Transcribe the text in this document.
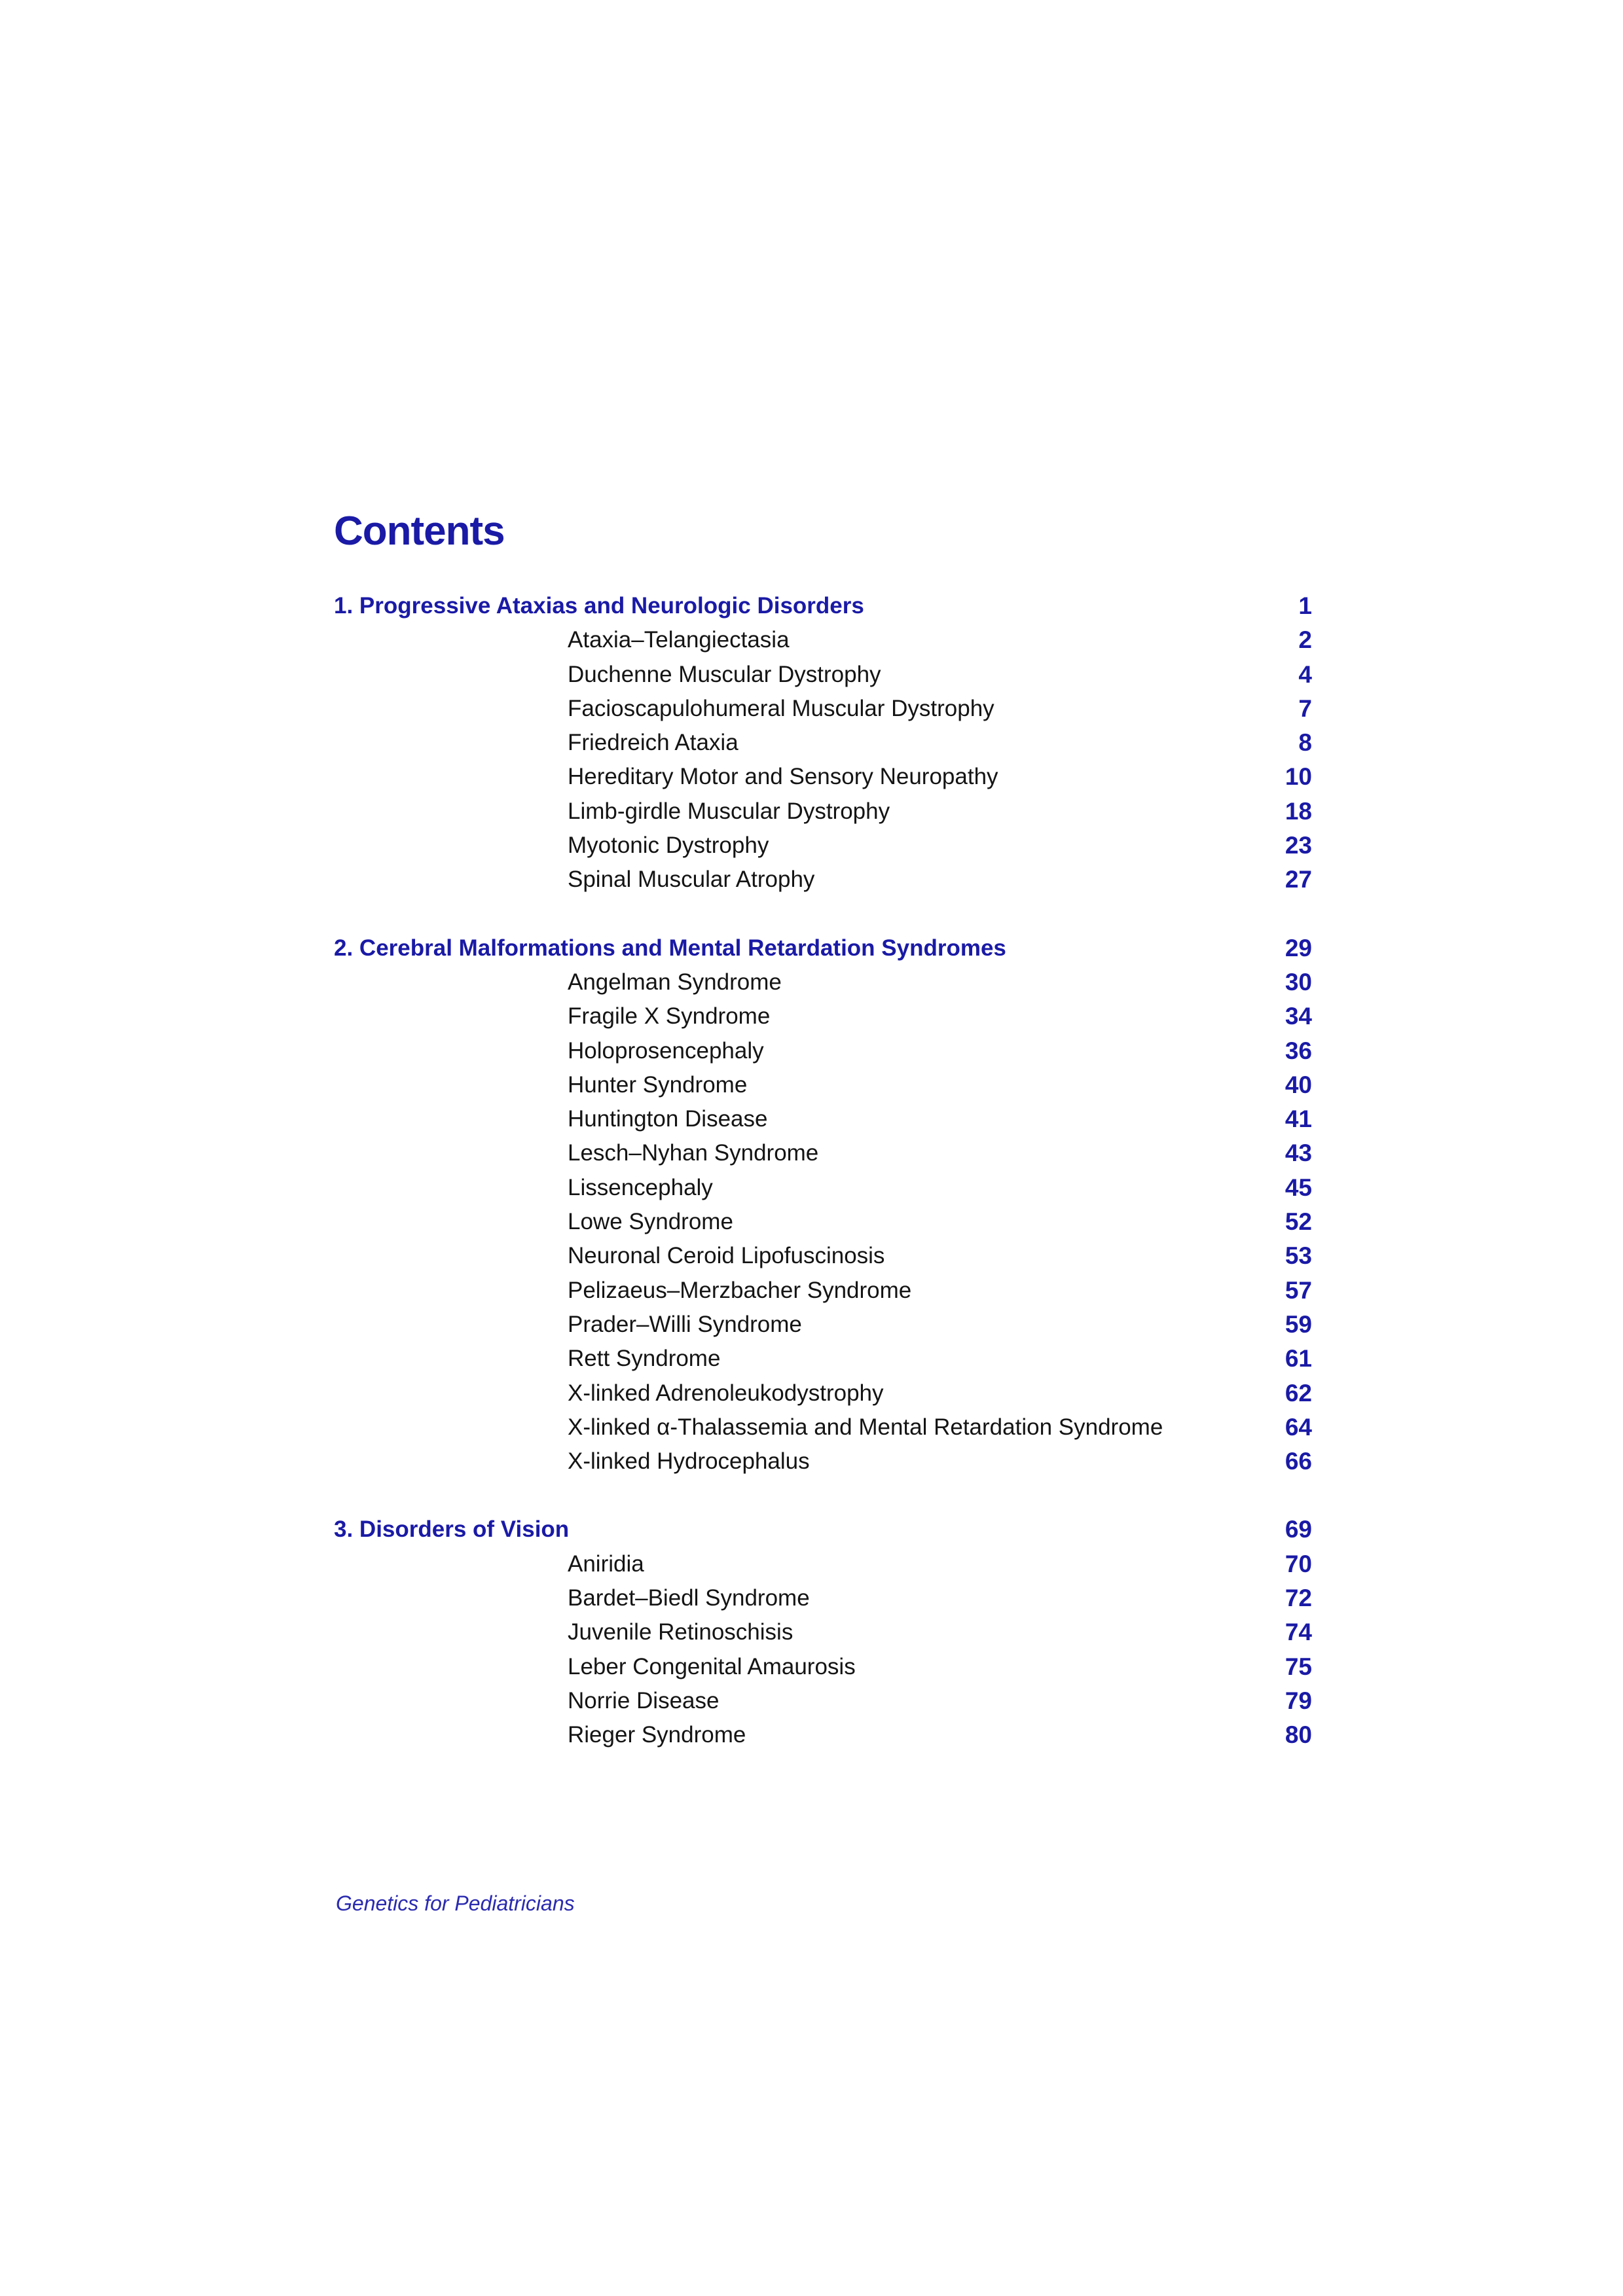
Contents
1. Progressive Ataxias and Neurologic Disorders	1
Ataxia–Telangiectasia	2
Duchenne Muscular Dystrophy	4
Facioscapulohumeral Muscular Dystrophy	7
Friedreich Ataxia	8
Hereditary Motor and Sensory Neuropathy	10
Limb-girdle Muscular Dystrophy	18
Myotonic Dystrophy	23
Spinal Muscular Atrophy	27
2. Cerebral Malformations and Mental Retardation Syndromes	29
Angelman Syndrome	30
Fragile X Syndrome	34
Holoprosencephaly	36
Hunter Syndrome	40
Huntington Disease	41
Lesch–Nyhan Syndrome	43
Lissencephaly	45
Lowe Syndrome	52
Neuronal Ceroid Lipofuscinosis	53
Pelizaeus–Merzbacher Syndrome	57
Prader–Willi Syndrome	59
Rett Syndrome	61
X-linked Adrenoleukodystrophy	62
X-linked α-Thalassemia and Mental Retardation Syndrome	64
X-linked Hydrocephalus	66
3. Disorders of Vision	69
Aniridia	70
Bardet–Biedl Syndrome	72
Juvenile Retinoschisis	74
Leber Congenital Amaurosis	75
Norrie Disease	79
Rieger Syndrome	80
Genetics for Pediatricians
